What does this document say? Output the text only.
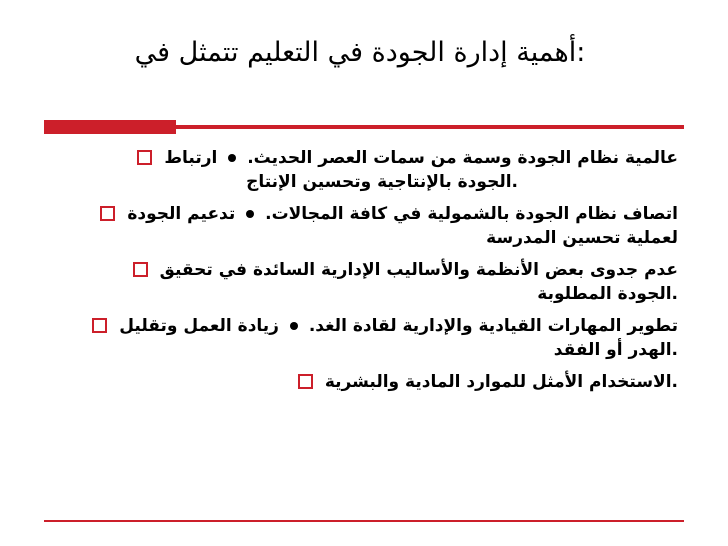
:أهمية إدارة الجودة في التعليم تتمثل في
عالمية نظام الجودة وسمة من سمات العصر الحديث.  ارتباط
.الجودة بالإنتاجية وتحسين الإنتاج
اتصاف نظام الجودة بالشمولية في كافة المجالات.  تدعيم الجودة
لعملية تحسين المدرسة
عدم جدوى بعض الأنظمة والأساليب الإدارية السائدة في تحقيق
.الجودة المطلوبة
تطوير المهارات القيادية والإدارية لقادة الغد.  زيادة العمل وتقليل
.الهدر أو الفقد
.الاستخدام الأمثل للموارد المادية والبشرية
